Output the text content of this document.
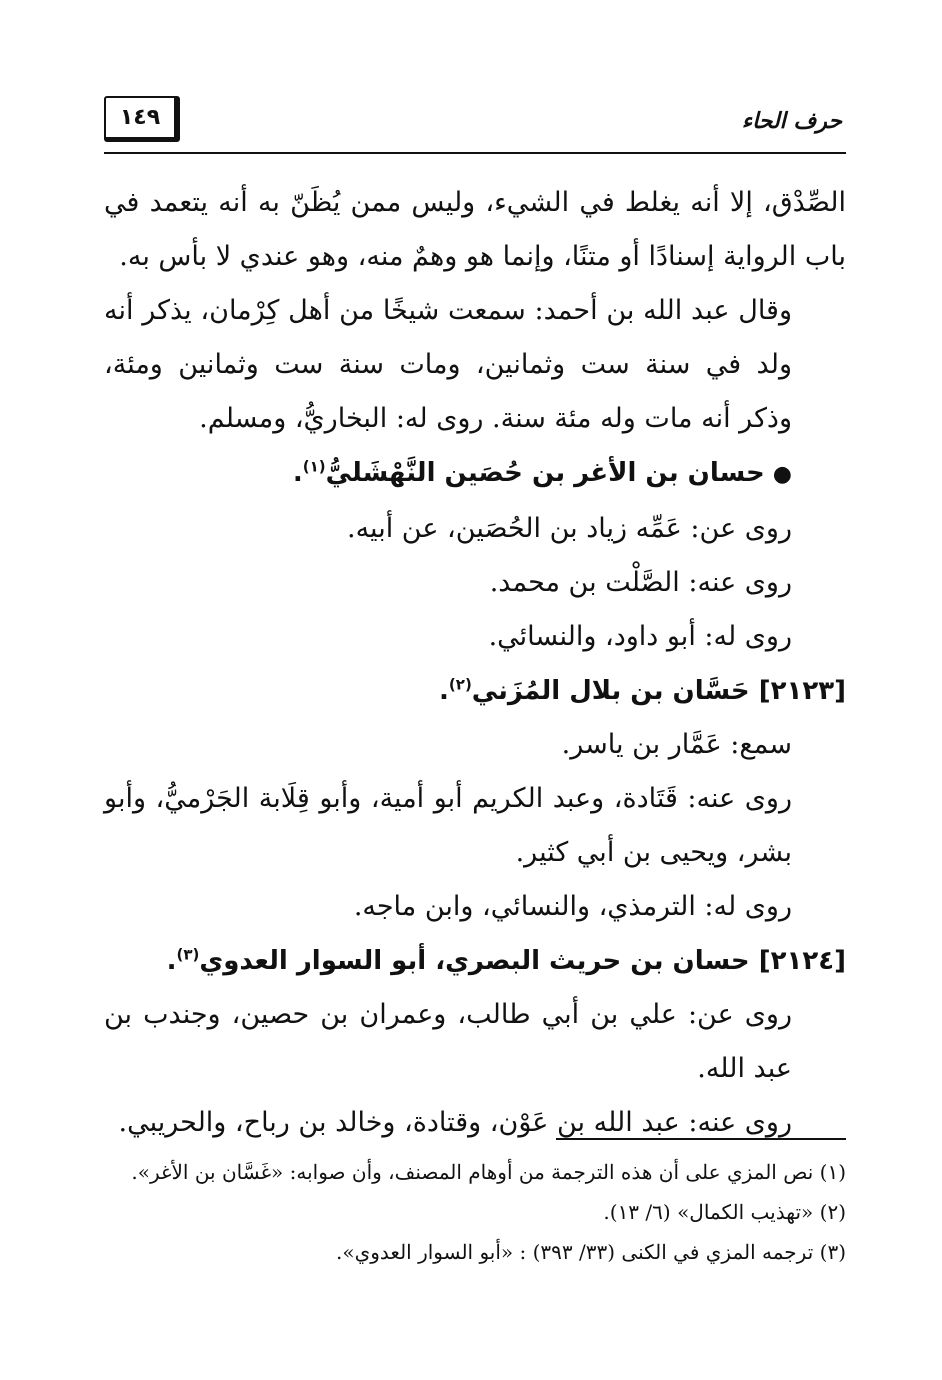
١٤٩	حرف الحاء

الصِّدْق، إلا أنه يغلط في الشيء، وليس ممن يُظَنّ به أنه يتعمد في باب الرواية إسنادًا أو متنًا، وإنما هو وهمٌ منه، وهو عندي لا بأس به.

وقال عبد الله بن أحمد: سمعت شيخًا من أهل كِرْمان، يذكر أنه ولد في سنة ست وثمانين، ومات سنة ست وثمانين ومئة، وذكر أنه مات وله مئة سنة. روى له: البخاريُّ، ومسلم.

●حسان بن الأغر بن حُصَين النَّهْشَليُّ$^{(١)}$.

روى عن: عَمِّه زياد بن الحُصَين، عن أبيه.

روى عنه: الصَّلْت بن محمد.

روى له: أبو داود، والنسائي.

[٢١٢٣] حَسَّان بن بلال المُزَني$^{(٢)}$.

سمع: عَمَّار بن ياسر.

روى عنه: قَتَادة، وعبد الكريم أبو أمية، وأبو قِلَابة الجَرْميُّ، وأبو بشر، ويحيى بن أبي كثير.

روى له: الترمذي، والنسائي، وابن ماجه.

[٢١٢٤] حسان بن حريث البصري، أبو السوار العدوي$^{(٣)}$.

روى عن: علي بن أبي طالب، وعمران بن حصين، وجندب بن عبد الله.

روى عنه: عبد الله بن عَوْن، وقتادة، وخالد بن رباح، والحريبي.

(١) نص المزي على أن هذه الترجمة من أوهام المصنف، وأن صوابه: «غَسَّان بن الأغر».

(٢) «تهذيب الكمال» (٦/ ١٣).

(٣) ترجمه المزي في الكنى (٣٣/ ٣٩٣) : «أبو السوار العدوي».
